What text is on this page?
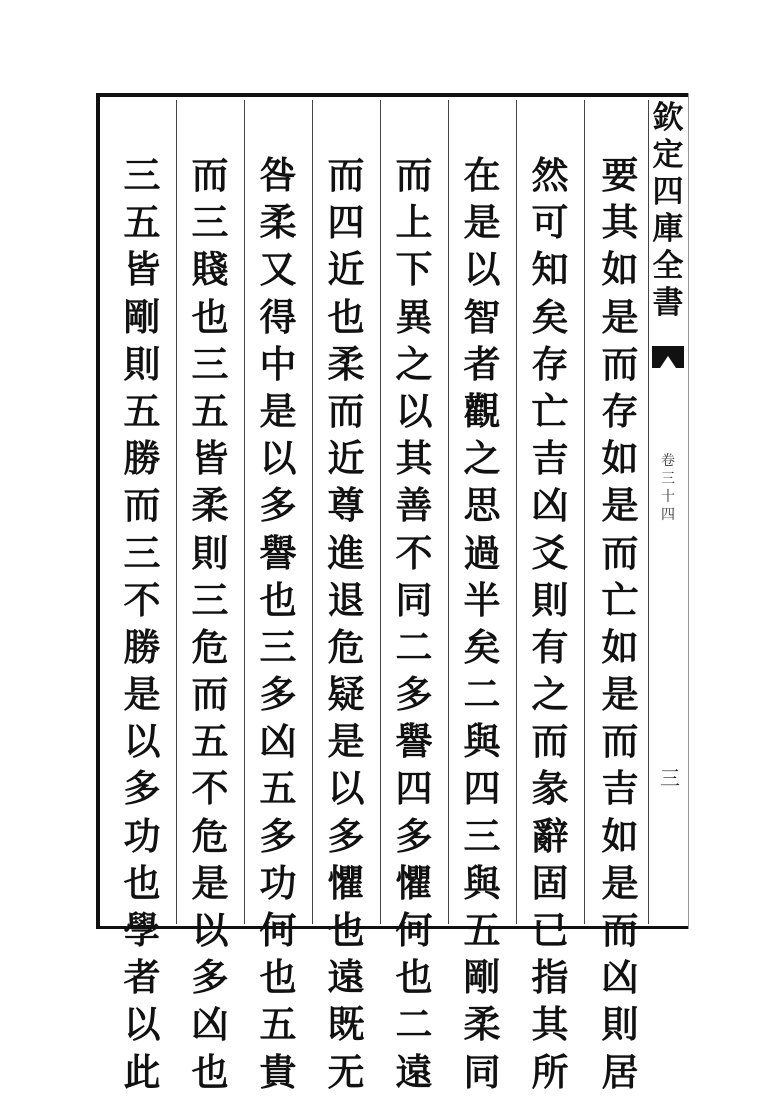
欽
定
四
庫
全
書
卷
三
十
四
三
要
其
如
是
而
存
如
是
而
亡
如
是
而
吉
如
是
而
凶
則
居
然
可
知
矣
存
亡
吉
凶
爻
則
有
之
而
彖
辭
固
已
指
其
所
在
是
以
智
者
觀
之
思
過
半
矣
二
與
四
三
與
五
剛
柔
同
而
上
下
異
之
以
其
善
不
同
二
多
譽
四
多
懼
何
也
二
遠
而
四
近
也
柔
而
近
尊
進
退
危
疑
是
以
多
懼
也
遠
既
无
咎
柔
又
得
中
是
以
多
譽
也
三
多
凶
五
多
功
何
也
五
貴
而
三
賤
也
三
五
皆
柔
則
三
危
而
五
不
危
是
以
多
凶
也
三
五
皆
剛
則
五
勝
而
三
不
勝
是
以
多
功
也
學
者
以
此
